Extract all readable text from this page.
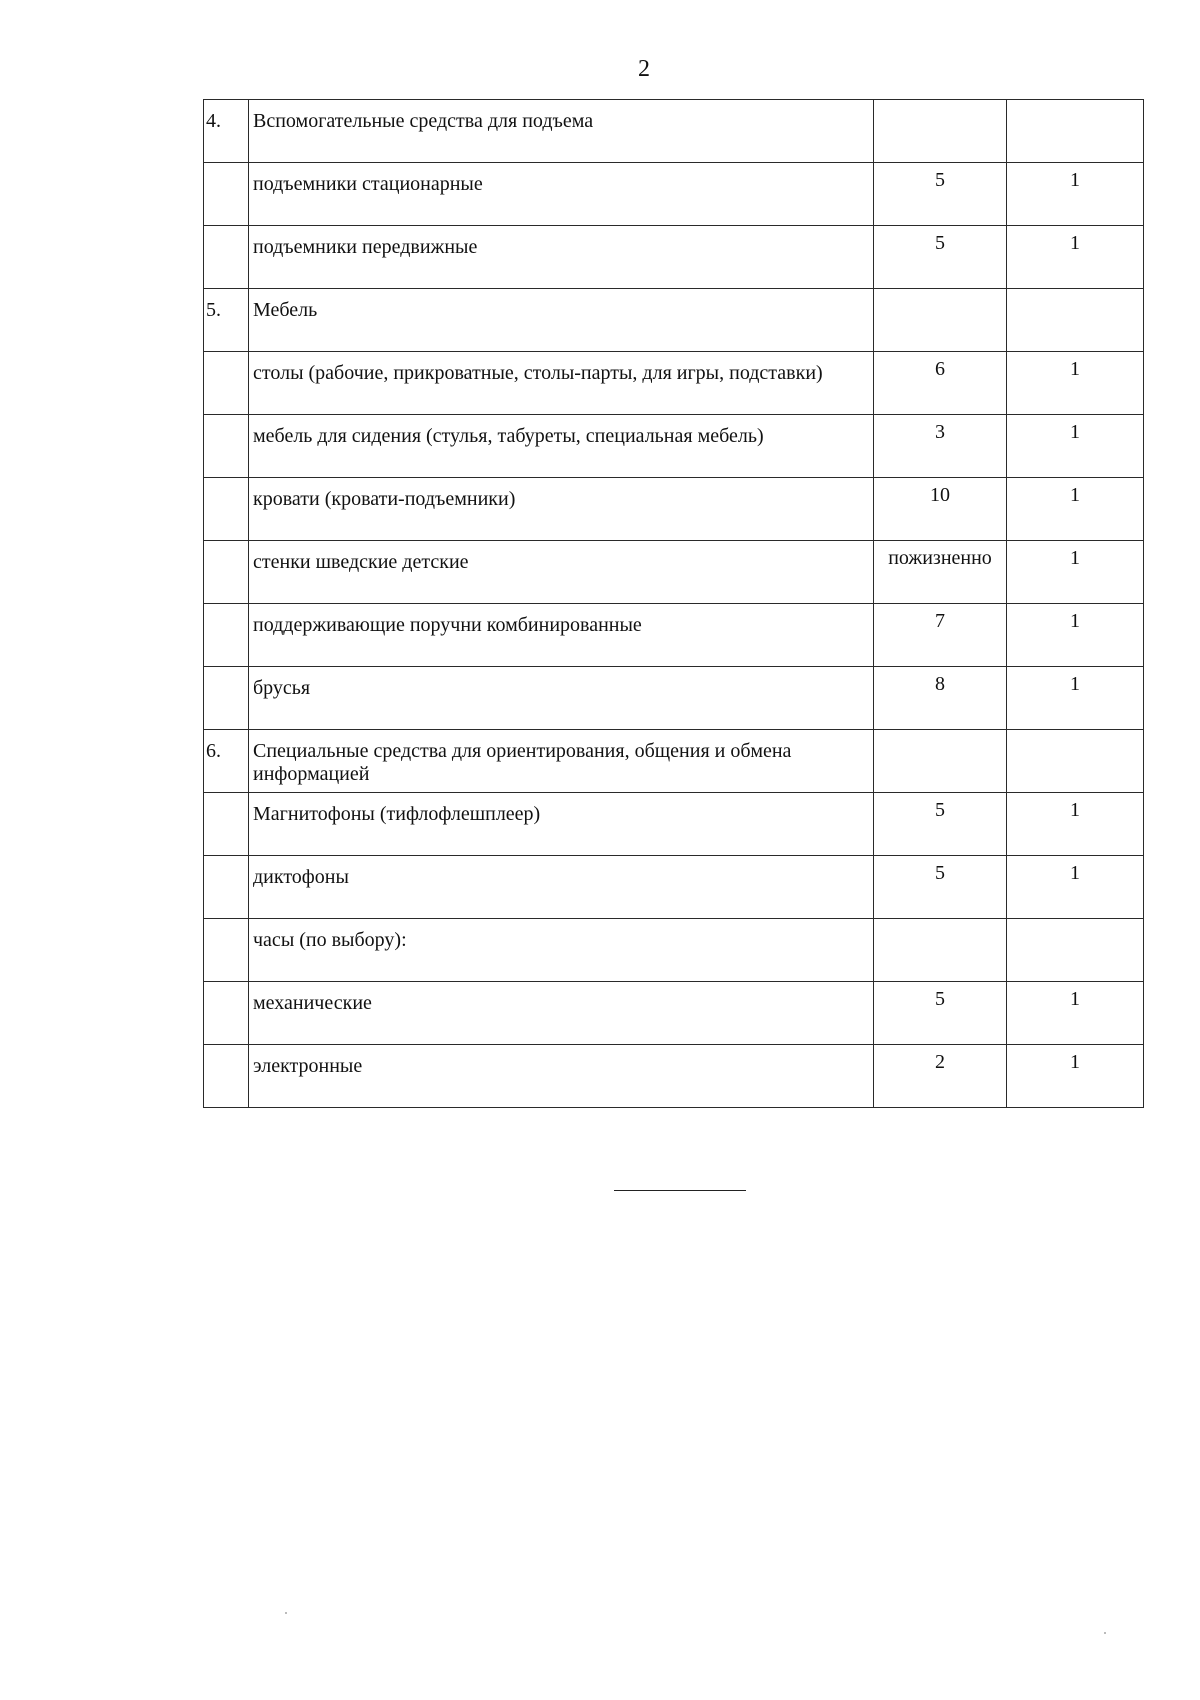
2
4.	Вспомогательные средства для подъема		
	подъемники стационарные	5	1
	подъемники передвижные	5	1
5.	Мебель		
	столы (рабочие, прикроватные, столы-парты, для игры, подставки)	6	1
	мебель для сидения (стулья, табуреты, специальная мебель)	3	1
	кровати (кровати-подъемники)	10	1
	стенки шведские детские	пожизненно	1
	поддерживающие поручни комбинированные	7	1
	брусья	8	1
6.	Специальные средства для ориентирования, общения и обмена информацией		
	Магнитофоны (тифлофлешплеер)	5	1
	диктофоны	5	1
	часы (по выбору):		
	механические	5	1
	электронные	2	1
